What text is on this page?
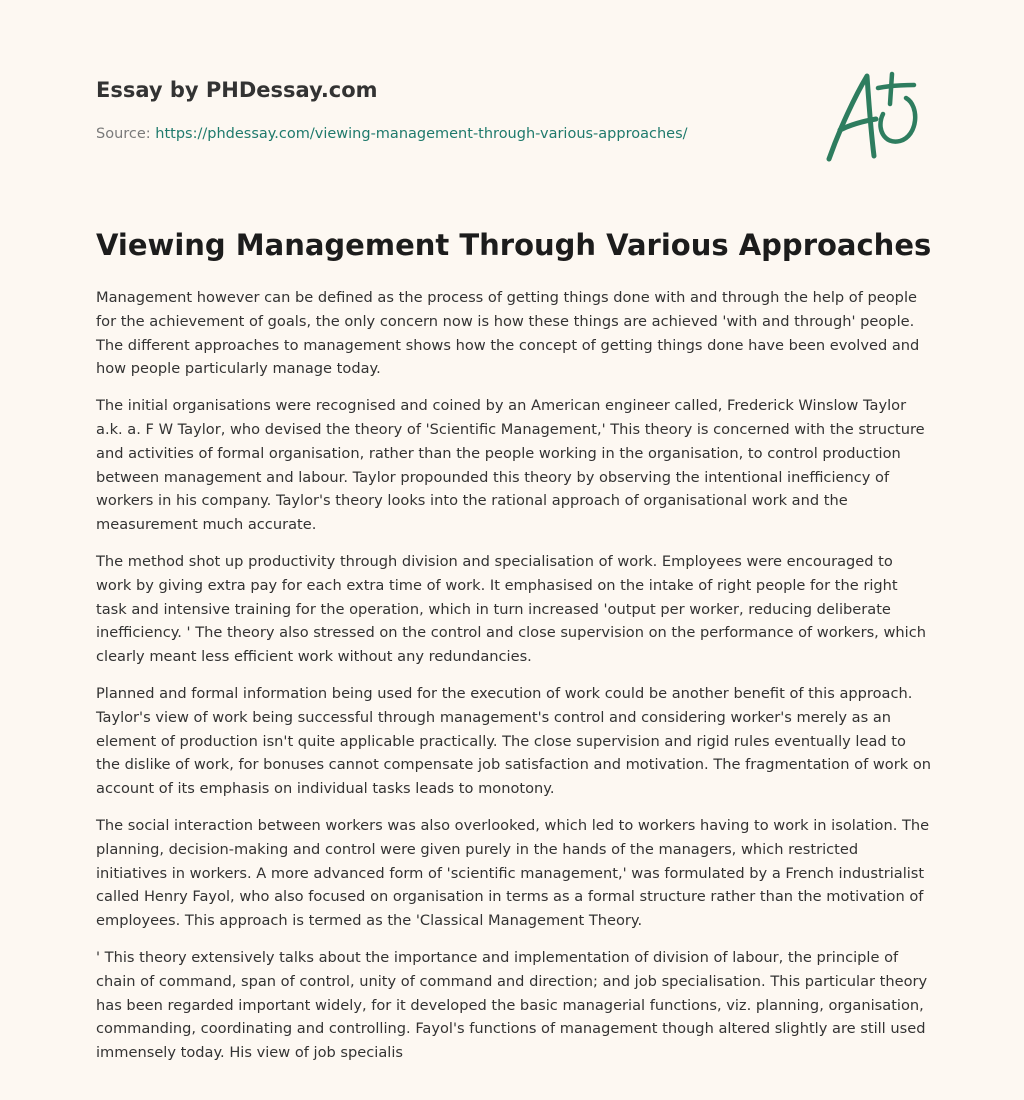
Essay by PHDessay.com
Source: https://phdessay.com/viewing-management-through-various-approaches/
Viewing Management Through Various Approaches

Management however can be defined as the process of getting things done with and through the help of people for the achievement of goals, the only concern now is how these things are achieved 'with and through' people. The different approaches to management shows how the concept of getting things done have been evolved and how people particularly manage today.

The initial organisations were recognised and coined by an American engineer called, Frederick Winslow Taylor a.k. a. F W Taylor, who devised the theory of 'Scientific Management,' This theory is concerned with the structure and activities of formal organisation, rather than the people working in the organisation, to control production between management and labour. Taylor propounded this theory by observing the intentional inefficiency of workers in his company. Taylor's theory looks into the rational approach of organisational work and the measurement much accurate.

The method shot up productivity through division and specialisation of work. Employees were encouraged to work by giving extra pay for each extra time of work. It emphasised on the intake of right people for the right task and intensive training for the operation, which in turn increased 'output per worker, reducing deliberate inefficiency. ' The theory also stressed on the control and close supervision on the performance of workers, which clearly meant less efficient work without any redundancies.

Planned and formal information being used for the execution of work could be another benefit of this approach. Taylor's view of work being successful through management's control and considering worker's merely as an element of production isn't quite applicable practically. The close supervision and rigid rules eventually lead to the dislike of work, for bonuses cannot compensate job satisfaction and motivation. The fragmentation of work on account of its emphasis on individual tasks leads to monotony.

The social interaction between workers was also overlooked, which led to workers having to work in isolation. The planning, decision-making and control were given purely in the hands of the managers, which restricted initiatives in workers. A more advanced form of 'scientific management,' was formulated by a French industrialist called Henry Fayol, who also focused on organisation in terms as a formal structure rather than the motivation of employees. This approach is termed as the 'Classical Management Theory.

' This theory extensively talks about the importance and implementation of division of labour, the principle of chain of command, span of control, unity of command and direction; and job specialisation. This particular theory has been regarded important widely, for it developed the basic managerial functions, viz. planning, organisation, commanding, coordinating and controlling. Fayol's functions of management though altered slightly are still used immensely today. His view of job specialis
